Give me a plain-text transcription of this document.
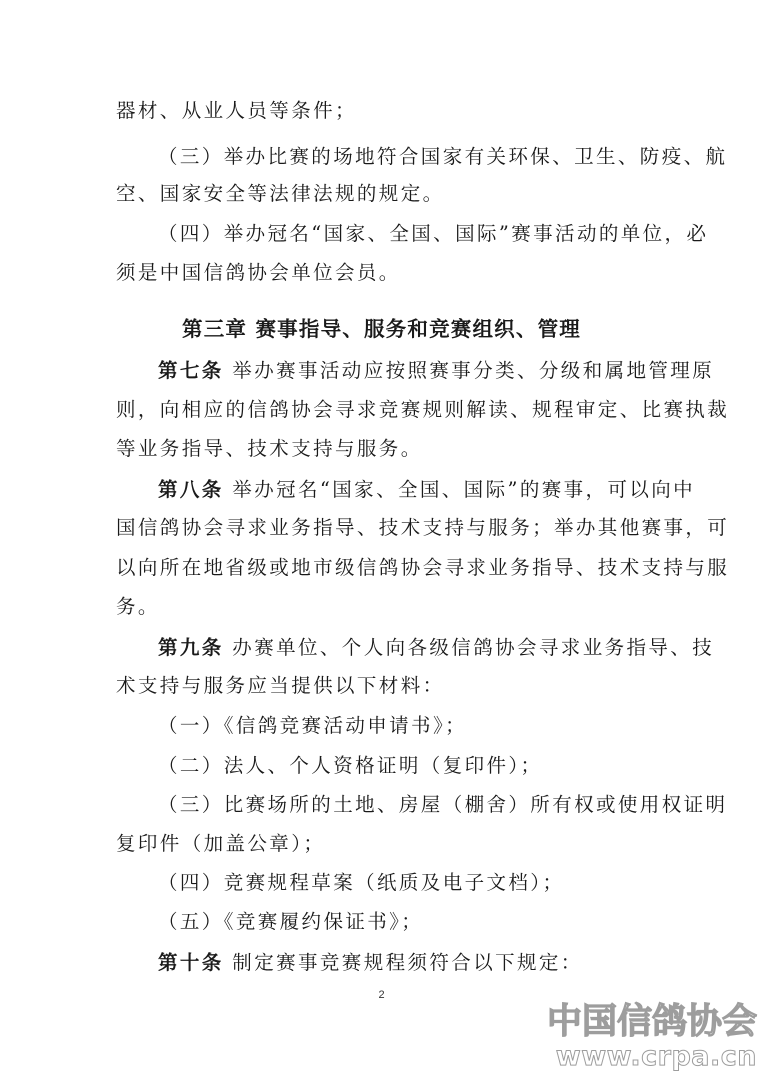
器材、从业人员等条件；
（三）举办比赛的场地符合国家有关环保、卫生、防疫、航
空、国家安全等法律法规的规定。
（四）举办冠名“国家、全国、国际”赛事活动的单位，必
须是中国信鸽协会单位会员。
第三章 赛事指导、服务和竞赛组织、管理
第七条 举办赛事活动应按照赛事分类、分级和属地管理原
则，向相应的信鸽协会寻求竞赛规则解读、规程审定、比赛执裁
等业务指导、技术支持与服务。
第八条 举办冠名“国家、全国、国际”的赛事，可以向中
国信鸽协会寻求业务指导、技术支持与服务；举办其他赛事，可
以向所在地省级或地市级信鸽协会寻求业务指导、技术支持与服
务。
第九条 办赛单位、个人向各级信鸽协会寻求业务指导、技
术支持与服务应当提供以下材料：
（一）《信鸽竞赛活动申请书》；
（二）法人、个人资格证明（复印件）；
（三）比赛场所的土地、房屋（棚舍）所有权或使用权证明
复印件（加盖公章）；
（四）竞赛规程草案（纸质及电子文档）；
（五）《竞赛履约保证书》；
第十条 制定赛事竞赛规程须符合以下规定：
2
中国信鸽协会
www.crpa.cn
